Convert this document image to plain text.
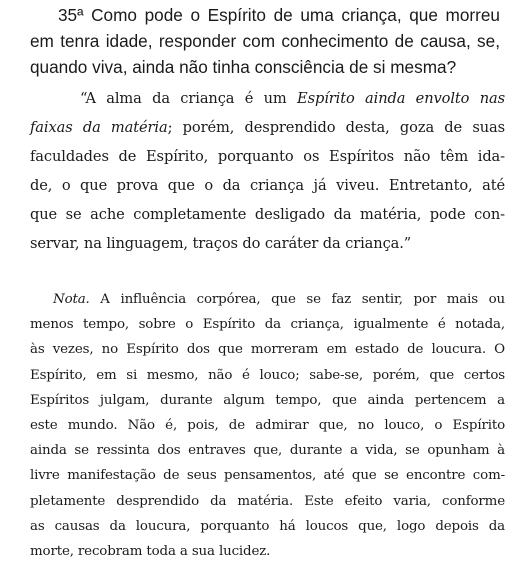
35ª Como pode o Espírito de uma criança, que morreu
em tenra idade, responder com conhecimento de causa, se,
quando viva, ainda não tinha consciência de si mesma?
“A alma da criança é um Espírito ainda envolto nas
faixas da matéria; porém, desprendido desta, goza de suas
faculdades de Espírito, porquanto os Espíritos não têm ida-
de, o que prova que o da criança já viveu. Entretanto, até
que se ache completamente desligado da matéria, pode con-
servar, na linguagem, traços do caráter da criança.”
Nota. A influência corpórea, que se faz sentir, por mais ou
menos tempo, sobre o Espírito da criança, igualmente é notada,
às vezes, no Espírito dos que morreram em estado de loucura. O
Espírito, em si mesmo, não é louco; sabe-se, porém, que certos
Espíritos julgam, durante algum tempo, que ainda pertencem a
este mundo. Não é, pois, de admirar que, no louco, o Espírito
ainda se ressinta dos entraves que, durante a vida, se opunham à
livre manifestação de seus pensamentos, até que se encontre com-
pletamente desprendido da matéria. Este efeito varia, conforme
as causas da loucura, porquanto há loucos que, logo depois da
morte, recobram toda a sua lucidez.
